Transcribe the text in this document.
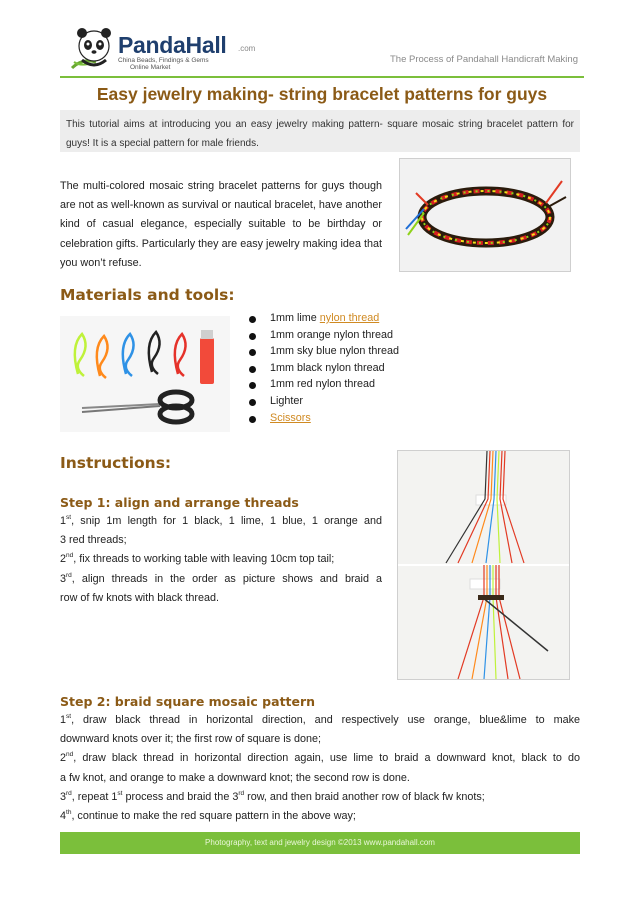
PandaHall .com
China Beads, Findings & Gems
Online Market
The Process of Pandahall Handicraft Making
Easy jewelry making- string bracelet patterns for guys
This tutorial aims at introducing you an easy jewelry making pattern- square mosaic string bracelet pattern for guys! It is a special pattern for male friends.
The multi-colored mosaic string bracelet patterns for guys though are not as well-known as survival or nautical bracelet, have another kind of casual elegance, especially suitable to be birthday or celebration gifts. Particularly they are easy jewelry making idea that you won’t refuse.
Materials and tools:
1mm lime nylon thread
1mm orange nylon thread
1mm sky blue nylon thread
1mm black nylon thread
1mm red nylon thread
Lighter
Scissors
Instructions:
Step 1: align and arrange threads
1st, snip 1m length for 1 black, 1 lime, 1 blue, 1 orange and
3 red threads;
2nd, fix threads to working table with leaving 10cm top tail;
3rd, align threads in the order as picture shows and braid a
row of fw knots with black thread.
Step 2: braid square mosaic pattern
1st, draw black thread in horizontal direction, and respectively use orange, blue&lime to make
downward knots over it; the first row of square is done;
2nd, draw black thread in horizontal direction again, use lime to braid a downward knot, black to do
a fw knot, and orange to make a downward knot; the second row is done.
3rd, repeat 1st process and braid the 3rd row, and then braid another row of black fw knots;
4th, continue to make the red square pattern in the above way;
Photography, text and jewelry design ©2013 www.pandahall.com
